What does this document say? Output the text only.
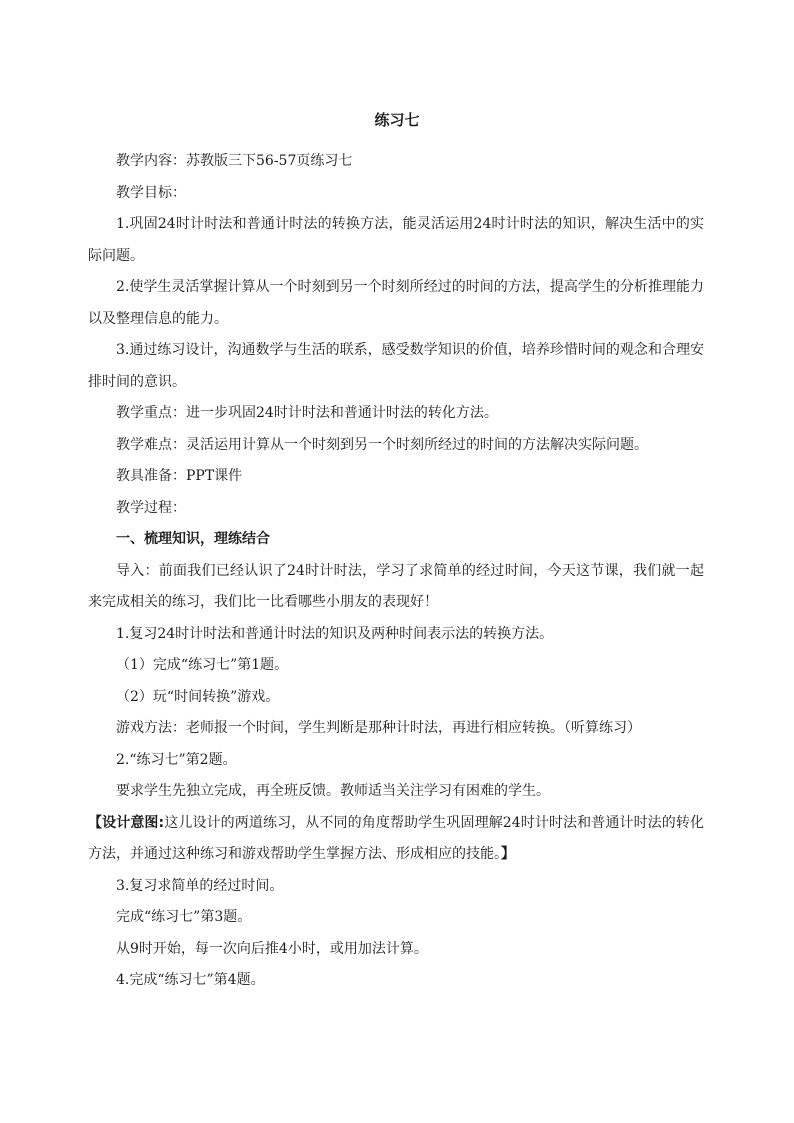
练习七

教学内容：苏教版三下56-57页练习七

教学目标：

1.巩固24时计时法和普通计时法的转换方法，能灵活运用24时计时法的知识，解决生活中的实际问题。

2.使学生灵活掌握计算从一个时刻到另一个时刻所经过的时间的方法，提高学生的分析推理能力以及整理信息的能力。

3.通过练习设计，沟通数学与生活的联系，感受数学知识的价值，培养珍惜时间的观念和合理安排时间的意识。

教学重点：进一步巩固24时计时法和普通计时法的转化方法。

教学难点：灵活运用计算从一个时刻到另一个时刻所经过的时间的方法解决实际问题。

教具准备：PPT课件

教学过程：

一、梳理知识，理练结合

导入：前面我们已经认识了24时计时法，学习了求简单的经过时间，今天这节课，我们就一起来完成相关的练习，我们比一比看哪些小朋友的表现好！

1.复习24时计时法和普通计时法的知识及两种时间表示法的转换方法。

（1）完成“练习七”第1题。

（2）玩“时间转换”游戏。

游戏方法：老师报一个时间，学生判断是那种计时法，再进行相应转换。（听算练习）

2.“练习七”第2题。

要求学生先独立完成，再全班反馈。教师适当关注学习有困难的学生。

【设计意图:这儿设计的两道练习，从不同的角度帮助学生巩固理解24时计时法和普通计时法的转化方法，并通过这种练习和游戏帮助学生掌握方法、形成相应的技能。】

3.复习求简单的经过时间。

完成“练习七”第3题。

从9时开始，每一次向后推4小时，或用加法计算。

4.完成“练习七”第4题。
